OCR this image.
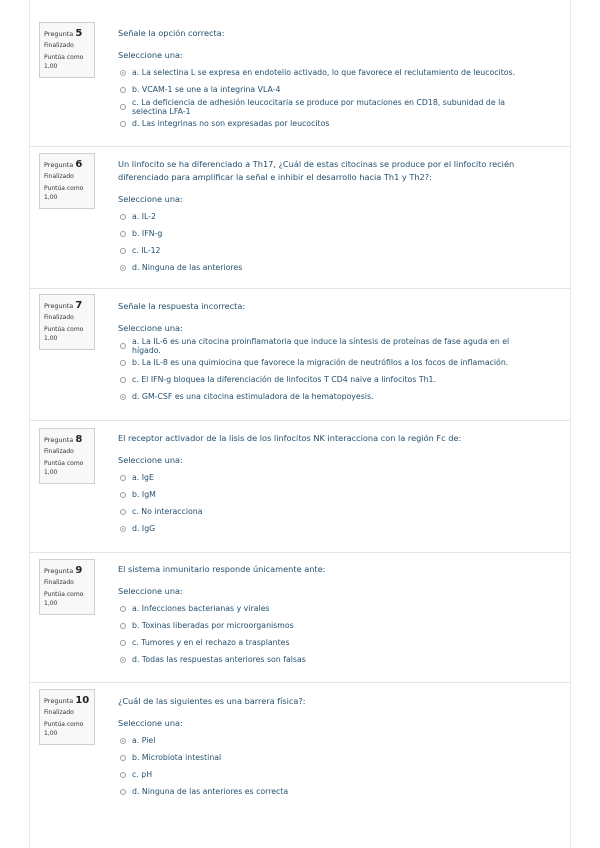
Pregunta 5
Finalizado
Puntúa como 1,00
Señale la opción correcta:
Seleccione una:
a. La selectina L se expresa en endotelio activado, lo que favorece el reclutamiento de leucocitos.
b. VCAM-1 se une a la integrina VLA-4
c. La deficiencia de adhesión leucocitaria se produce por mutaciones en CD18, subunidad de la selectina LFA-1
d. Las integrinas no son expresadas por leucocitos
Pregunta 6
Finalizado
Puntúa como 1,00
Un linfocito se ha diferenciado a Th17, ¿Cuál de estas citocinas se produce por el linfocito recién diferenciado para amplificar la señal e inhibir el desarrollo hacia Th1 y Th2?:
Seleccione una:
a. IL-2
b. IFN-g
c. IL-12
d. Ninguna de las anteriores
Pregunta 7
Finalizado
Puntúa como 1,00
Señale la respuesta incorrecta:
Seleccione una:
a. La IL-6 es una citocina proinflamatoria que induce la síntesis de proteínas de fase aguda en el hígado.
b. La IL-8 es una quimiocina que favorece la migración de neutrófilos a los focos de inflamación.
c. El IFN-g bloquea la diferenciación de linfocitos T CD4 naive a linfocitos Th1.
d. GM-CSF es una citocina estimuladora de la hematopoyesis.
Pregunta 8
Finalizado
Puntúa como 1,00
El receptor activador de la lisis de los linfocitos NK interacciona con la región Fc de:
Seleccione una:
a. IgE
b. IgM
c. No interacciona
d. IgG
Pregunta 9
Finalizado
Puntúa como 1,00
El sistema inmunitario responde únicamente ante:
Seleccione una:
a. Infecciones bacterianas y virales
b. Toxinas liberadas por microorganismos
c. Tumores y en el rechazo a trasplantes
d. Todas las respuestas anteriores son falsas
Pregunta 10
Finalizado
Puntúa como 1,00
¿Cuál de las siguientes es una barrera física?:
Seleccione una:
a. Piel
b. Microbiota intestinal
c. pH
d. Ninguna de las anteriores es correcta
